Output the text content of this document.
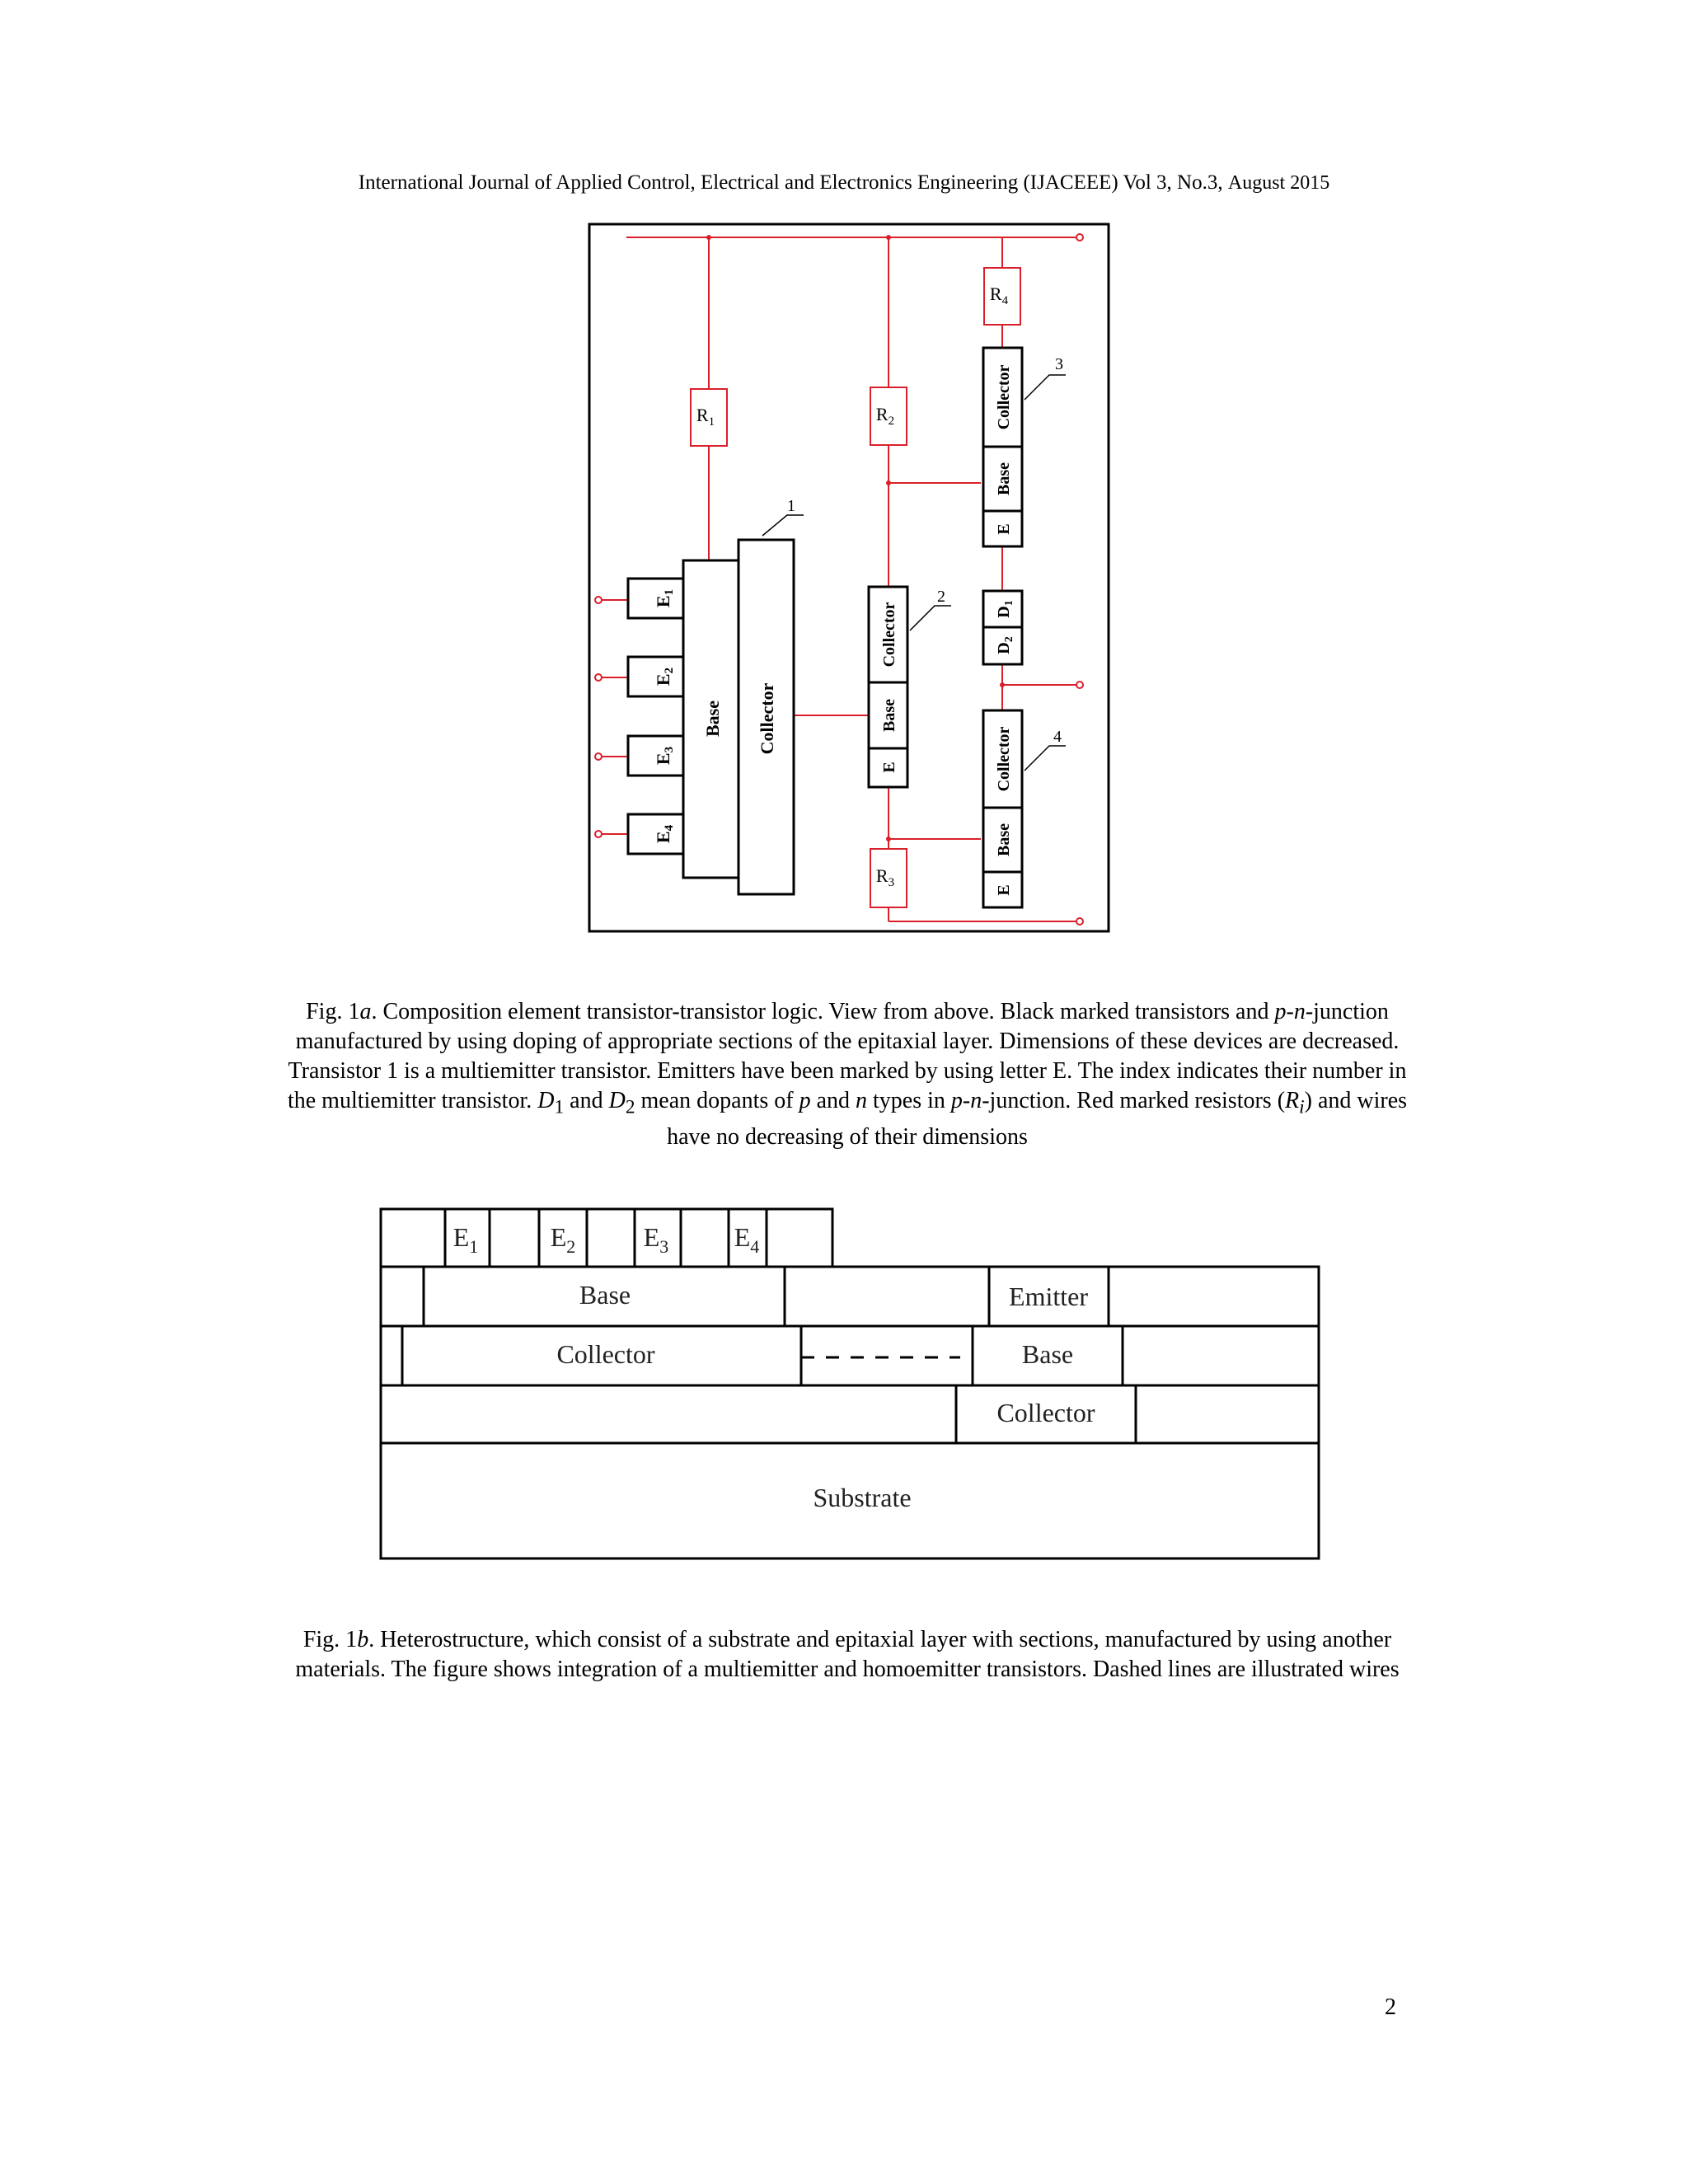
International Journal of Applied Control, Electrical and Electronics Engineering (IJACEEE) Vol 3, No.3, August 2015
$R_1$	$R_2$
$R_3$
$R_4$
E1
E2
E3
E4
Base Collector
Collector
Base
E
Collector
Base
E
$D_1$
$D_2$
Collector
Base
E
1
2
3
4
Fig. 1a. Composition element transistor-transistor logic. View from above. Black marked transistors and p-n-junction manufactured by using doping of appropriate sections of the epitaxial layer. Dimensions of these devices are decreased. Transistor 1 is a multiemitter transistor. Emitters have been marked by using letter E. The index indicates their number in the multiemitter transistor. $D_1$ and $D_2$ mean dopants of p and n types in p-n-junction. Red marked resistors $(R_i)$ and wires have no decreasing of their dimensions
$E_1$	$E_2$	$E_3$ $E_4$
Base	Emitter
Collector	Base
Collector
Substrate
Fig. 1b. Heterostructure, which consist of a substrate and epitaxial layer with sections, manufactured by using another materials. The figure shows integration of a multiemitter and homoemitter transistors. Dashed lines are illustrated wires
2
